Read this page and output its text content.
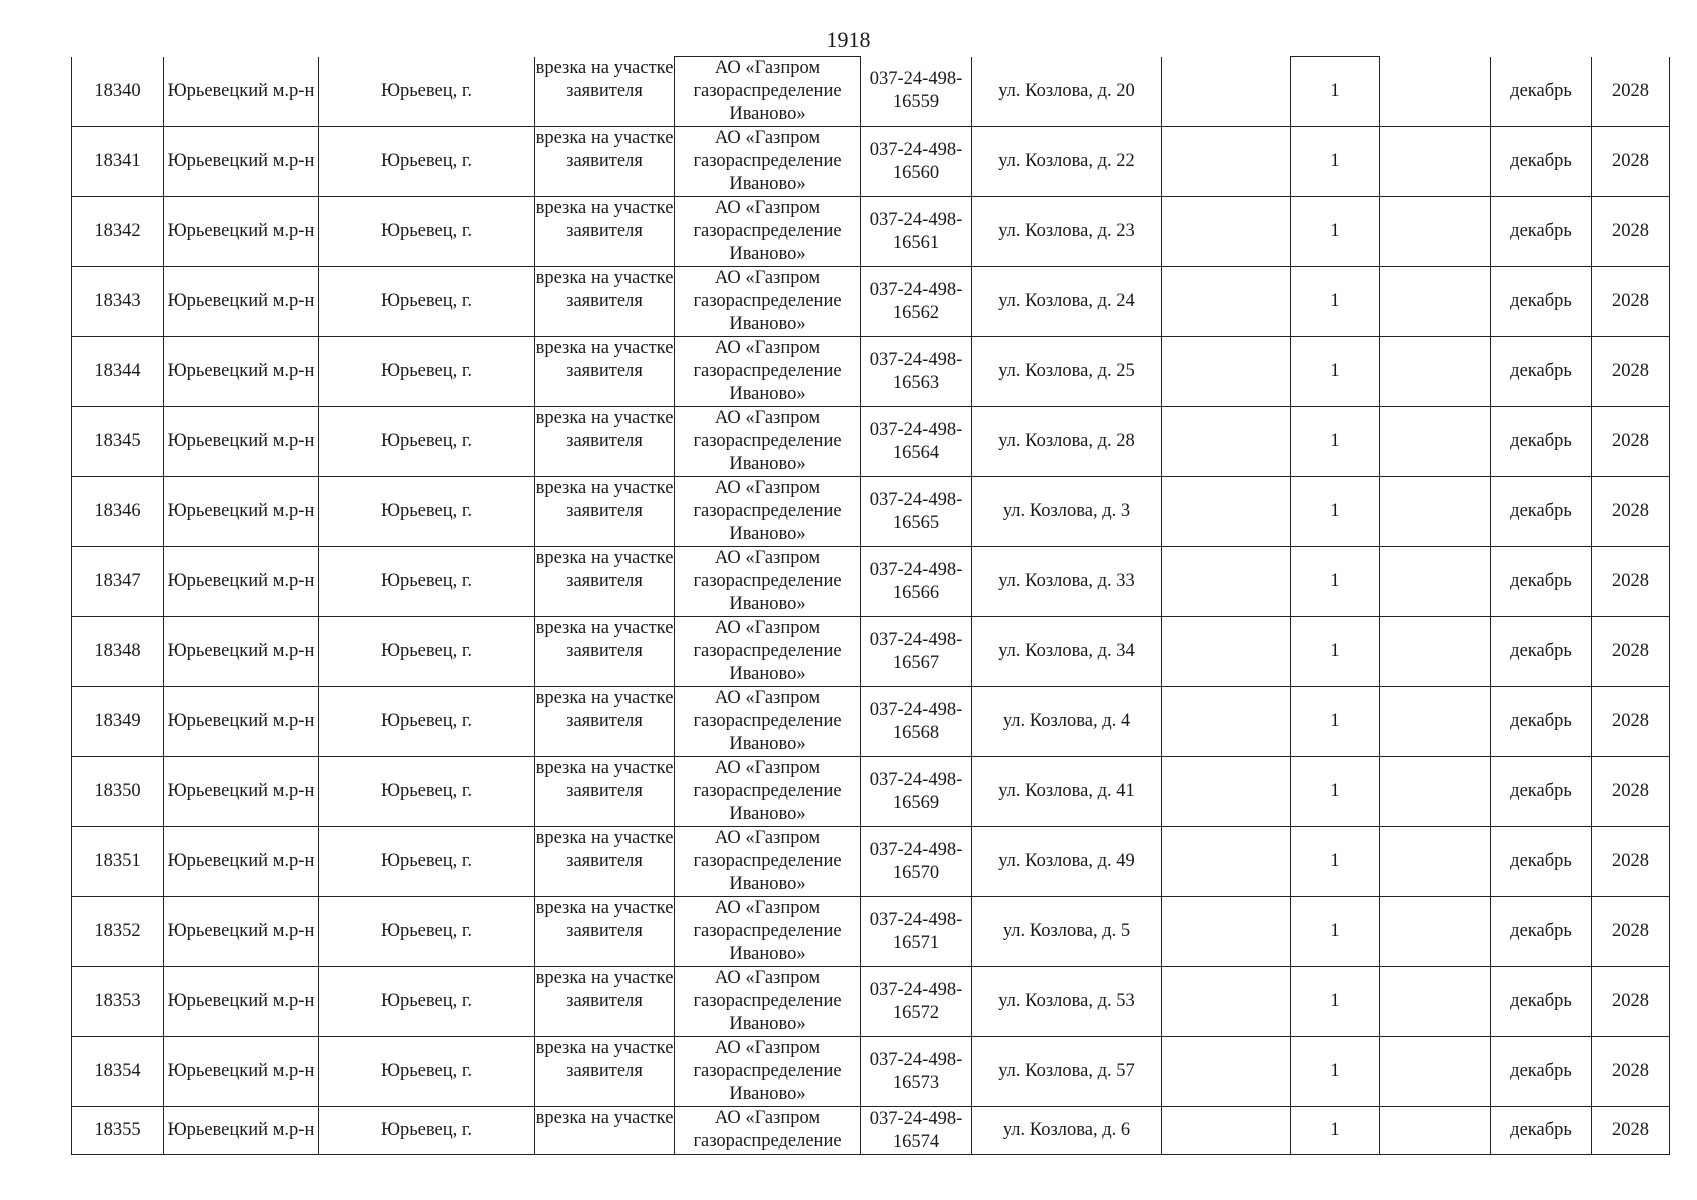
1918
18340	Юрьевецкий м.р-н	Юрьевец, г.	врезка на участке заявителя	АО «Газпром газораспределение Иваново»	037-24-498-16559	ул. Козлова, д. 20		1		декабрь	2028

18341	Юрьевецкий м.р-н	Юрьевец, г.	врезка на участке заявителя	АО «Газпром газораспределение Иваново»	037-24-498-16560	ул. Козлова, д. 22		1		декабрь	2028

18342	Юрьевецкий м.р-н	Юрьевец, г.	врезка на участке заявителя	АО «Газпром газораспределение Иваново»	037-24-498-16561	ул. Козлова, д. 23		1		декабрь	2028

18343	Юрьевецкий м.р-н	Юрьевец, г.	врезка на участке заявителя	АО «Газпром газораспределение Иваново»	037-24-498-16562	ул. Козлова, д. 24		1		декабрь	2028

18344	Юрьевецкий м.р-н	Юрьевец, г.	врезка на участке заявителя	АО «Газпром газораспределение Иваново»	037-24-498-16563	ул. Козлова, д. 25		1		декабрь	2028

18345	Юрьевецкий м.р-н	Юрьевец, г.	врезка на участке заявителя	АО «Газпром газораспределение Иваново»	037-24-498-16564	ул. Козлова, д. 28		1		декабрь	2028

18346	Юрьевецкий м.р-н	Юрьевец, г.	врезка на участке заявителя	АО «Газпром газораспределение Иваново»	037-24-498-16565	ул. Козлова, д. 3		1		декабрь	2028

18347	Юрьевецкий м.р-н	Юрьевец, г.	врезка на участке заявителя	АО «Газпром газораспределение Иваново»	037-24-498-16566	ул. Козлова, д. 33		1		декабрь	2028

18348	Юрьевецкий м.р-н	Юрьевец, г.	врезка на участке заявителя	АО «Газпром газораспределение Иваново»	037-24-498-16567	ул. Козлова, д. 34		1		декабрь	2028

18349	Юрьевецкий м.р-н	Юрьевец, г.	врезка на участке заявителя	АО «Газпром газораспределение Иваново»	037-24-498-16568	ул. Козлова, д. 4		1		декабрь	2028

18350	Юрьевецкий м.р-н	Юрьевец, г.	врезка на участке заявителя	АО «Газпром газораспределение Иваново»	037-24-498-16569	ул. Козлова, д. 41		1		декабрь	2028

18351	Юрьевецкий м.р-н	Юрьевец, г.	врезка на участке заявителя	АО «Газпром газораспределение Иваново»	037-24-498-16570	ул. Козлова, д. 49		1		декабрь	2028

18352	Юрьевецкий м.р-н	Юрьевец, г.	врезка на участке заявителя	АО «Газпром газораспределение Иваново»	037-24-498-16571	ул. Козлова, д. 5		1		декабрь	2028

18353	Юрьевецкий м.р-н	Юрьевец, г.	врезка на участке заявителя	АО «Газпром газораспределение Иваново»	037-24-498-16572	ул. Козлова, д. 53		1		декабрь	2028

18354	Юрьевецкий м.р-н	Юрьевец, г.	врезка на участке заявителя	АО «Газпром газораспределение Иваново»	037-24-498-16573	ул. Козлова, д. 57		1		декабрь	2028

18355	Юрьевецкий м.р-н	Юрьевец, г.	врезка на участке	АО «Газпром газораспределение	037-24-498-16574	ул. Козлова, д. 6		1		декабрь	2028
